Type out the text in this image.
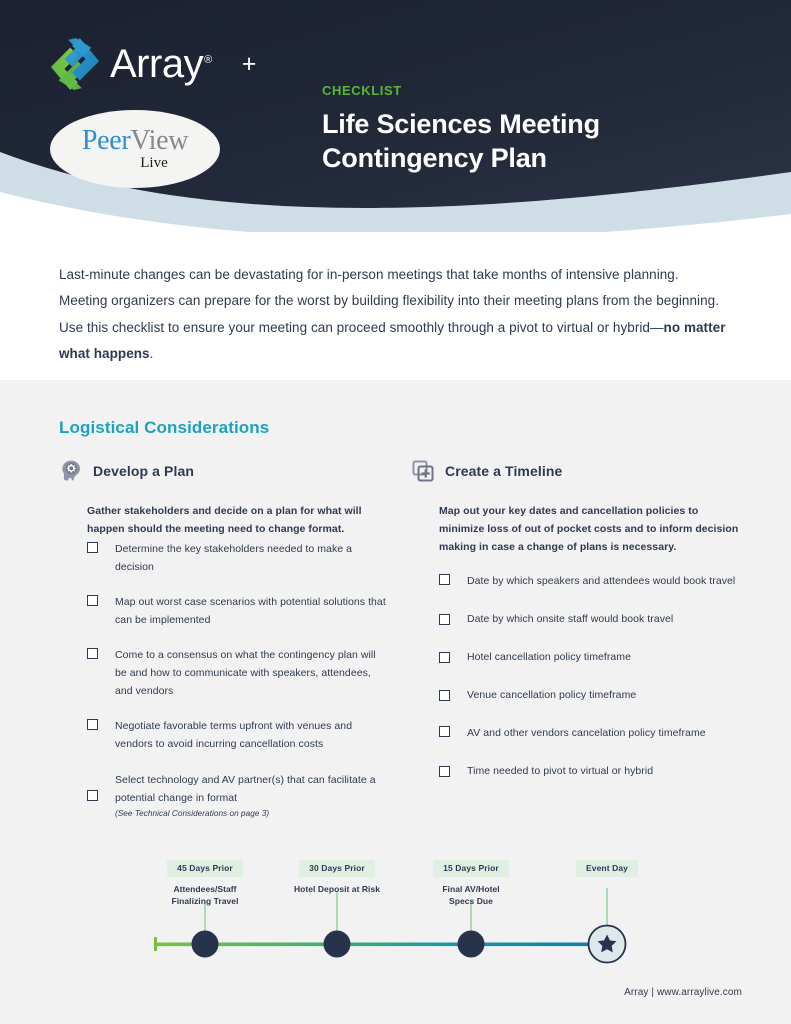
Array® +
PeerView
Live
CHECKLIST
Life Sciences Meeting
Contingency Plan

Last-minute changes can be devastating for in-person meetings that take months of intensive planning. Meeting organizers can prepare for the worst by building flexibility into their meeting plans from the beginning. Use this checklist to ensure your meeting can proceed smoothly through a pivot to virtual or hybrid—no matter what happens.

Logistical Considerations
Develop a Plan
Gather stakeholders and decide on a plan for what will happen should the meeting need to change format.
Determine the key stakeholders needed to make a decision
Map out worst case scenarios with potential solutions that can be implemented
Come to a consensus on what the contingency plan will be and how to communicate with speakers, attendees, and vendors
Negotiate favorable terms upfront with venues and vendors to avoid incurring cancellation costs
Select technology and AV partner(s) that can facilitate a potential change in format
(See Technical Considerations on page 3)
Create a Timeline
Map out your key dates and cancellation policies to minimize loss of out of pocket costs and to inform decision making in case a change of plans is necessary.
Date by which speakers and attendees would book travel
Date by which onsite staff would book travel
Hotel cancellation policy timeframe
Venue cancellation policy timeframe
AV and other vendors cancelation policy timeframe
Time needed to pivot to virtual or hybrid
45 Days Prior
Attendees/Staff
Finalizing Travel
30 Days Prior
Hotel Deposit at Risk
15 Days Prior
Final AV/Hotel
Specs Due
Event Day
Array | www.arraylive.com
